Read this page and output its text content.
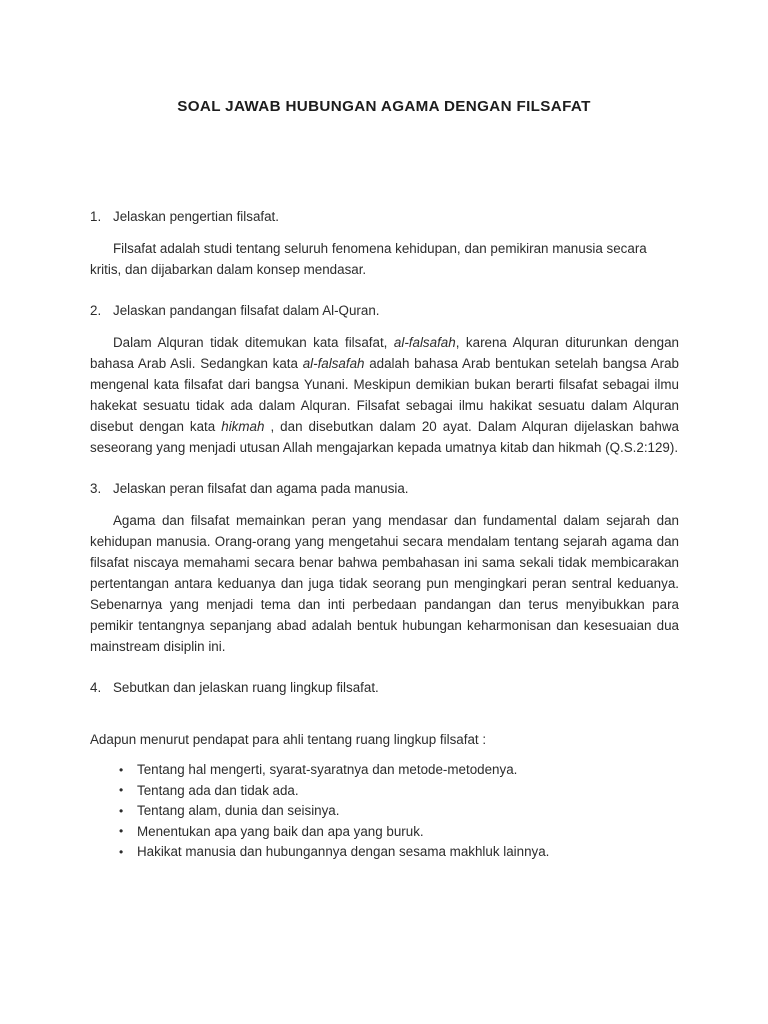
SOAL JAWAB HUBUNGAN AGAMA DENGAN FILSAFAT
1. Jelaskan pengertian filsafat.

Filsafat adalah studi tentang seluruh fenomena kehidupan, dan pemikiran manusia secara kritis, dan dijabarkan dalam konsep mendasar.

2. Jelaskan pandangan filsafat dalam Al-Quran.

Dalam Alquran tidak ditemukan kata filsafat, al-falsafah, karena Alquran diturunkan dengan bahasa Arab Asli. Sedangkan kata al-falsafah adalah bahasa Arab bentukan setelah bangsa Arab mengenal kata filsafat dari bangsa Yunani. Meskipun demikian bukan berarti filsafat sebagai ilmu hakekat sesuatu tidak ada dalam Alquran. Filsafat sebagai ilmu hakikat sesuatu dalam Alquran disebut dengan kata hikmah , dan disebutkan dalam 20 ayat. Dalam Alquran dijelaskan bahwa seseorang yang menjadi utusan Allah mengajarkan kepada umatnya kitab dan hikmah (Q.S.2:129).

3. Jelaskan peran filsafat dan agama pada manusia.

Agama dan filsafat memainkan peran yang mendasar dan fundamental dalam sejarah dan kehidupan manusia. Orang-orang yang mengetahui secara mendalam tentang sejarah agama dan filsafat niscaya memahami secara benar bahwa pembahasan ini sama sekali tidak membicarakan pertentangan antara keduanya dan juga tidak seorang pun mengingkari peran sentral keduanya. Sebenarnya yang menjadi tema dan inti perbedaan pandangan dan terus menyibukkan para pemikir tentangnya sepanjang abad adalah bentuk hubungan keharmonisan dan kesesuaian dua mainstream disiplin ini.

4. Sebutkan dan jelaskan ruang lingkup filsafat.

Adapun menurut pendapat para ahli tentang ruang lingkup filsafat :

• Tentang hal mengerti, syarat-syaratnya dan metode-metodenya.
• Tentang ada dan tidak ada.
• Tentang alam, dunia dan seisinya.
• Menentukan apa yang baik dan apa yang buruk.
• Hakikat manusia dan hubungannya dengan sesama makhluk lainnya.
